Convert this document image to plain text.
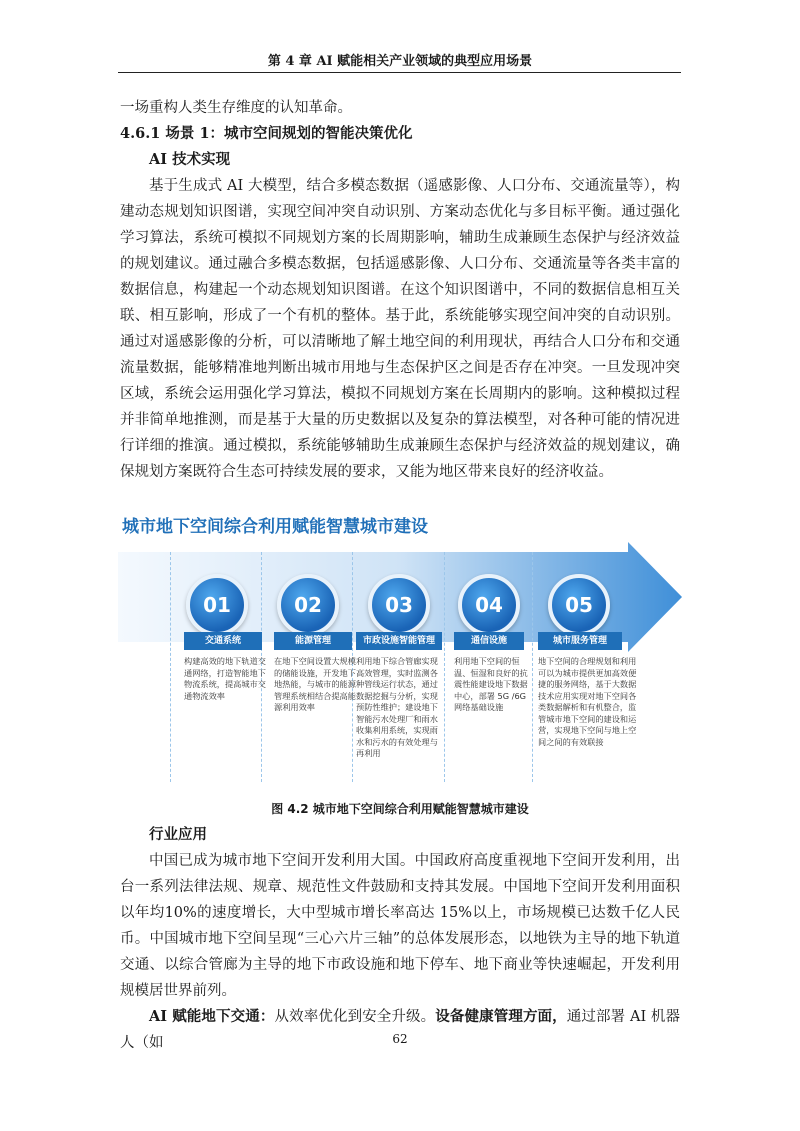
第 4 章 AI 赋能相关产业领域的典型应用场景

一场重构人类生存维度的认知革命。

4.6.1 场景 1：城市空间规划的智能决策优化

AI 技术实现

基于生成式 AI 大模型，结合多模态数据（遥感影像、人口分布、交通流量等），构建动态规划知识图谱，实现空间冲突自动识别、方案动态优化与多目标平衡。通过强化学习算法，系统可模拟不同规划方案的长周期影响，辅助生成兼顾生态保护与经济效益的规划建议。通过融合多模态数据，包括遥感影像、人口分布、交通流量等各类丰富的数据信息，构建起一个动态规划知识图谱。在这个知识图谱中，不同的数据信息相互关联、相互影响，形成了一个有机的整体。基于此，系统能够实现空间冲突的自动识别。通过对遥感影像的分析，可以清晰地了解土地空间的利用现状，再结合人口分布和交通流量数据，能够精准地判断出城市用地与生态保护区之间是否存在冲突。一旦发现冲突区域，系统会运用强化学习算法，模拟不同规划方案在长周期内的影响。这种模拟过程并非简单地推测，而是基于大量的历史数据以及复杂的算法模型，对各种可能的情况进行详细的推演。通过模拟，系统能够辅助生成兼顾生态保护与经济效益的规划建议，确保规划方案既符合生态可持续发展的要求，又能为地区带来良好的经济收益。

城市地下空间综合利用赋能智慧城市建设
01	02	03	04	05
交通系统
构建高效的地下轨道交通网络，打造智能地下物流系统，提高城市交通物流效率
能源管理
在地下空间设置大规模的储能设施，开发地下地热能，与城市的能源管理系统相结合提高能源利用效率
市政设施智能管理
利用地下综合管廊实现高效管理，实时监测各种管线运行状态，通过数据挖掘与分析，实现预防性维护；建设地下智能污水处理厂和雨水收集利用系统，实现雨水和污水的有效处理与再利用
通信设施
利用地下空间的恒温、恒湿和良好的抗震性能建设地下数据中心，部署 5G /6G网络基础设施
城市服务管理
地下空间的合理规划和利用可以为城市提供更加高效便捷的服务网络，基于大数据技术应用实现对地下空间各类数据解析和有机整合，监管城市地下空间的建设和运营，实现地下空间与地上空间之间的有效联接
图 4.2 城市地下空间综合利用赋能智慧城市建设

行业应用

中国已成为城市地下空间开发利用大国。中国政府高度重视地下空间开发利用，出台一系列法律法规、规章、规范性文件鼓励和支持其发展。中国地下空间开发利用面积以年均10%的速度增长，大中型城市增长率高达 15%以上，市场规模已达数千亿人民币。中国城市地下空间呈现“三心六片三轴”的总体发展形态，以地铁为主导的地下轨道交通、以综合管廊为主导的地下市政设施和地下停车、地下商业等快速崛起，开发利用规模居世界前列。

AI 赋能地下交通：从效率优化到安全升级。设备健康管理方面，通过部署 AI 机器人（如	62
